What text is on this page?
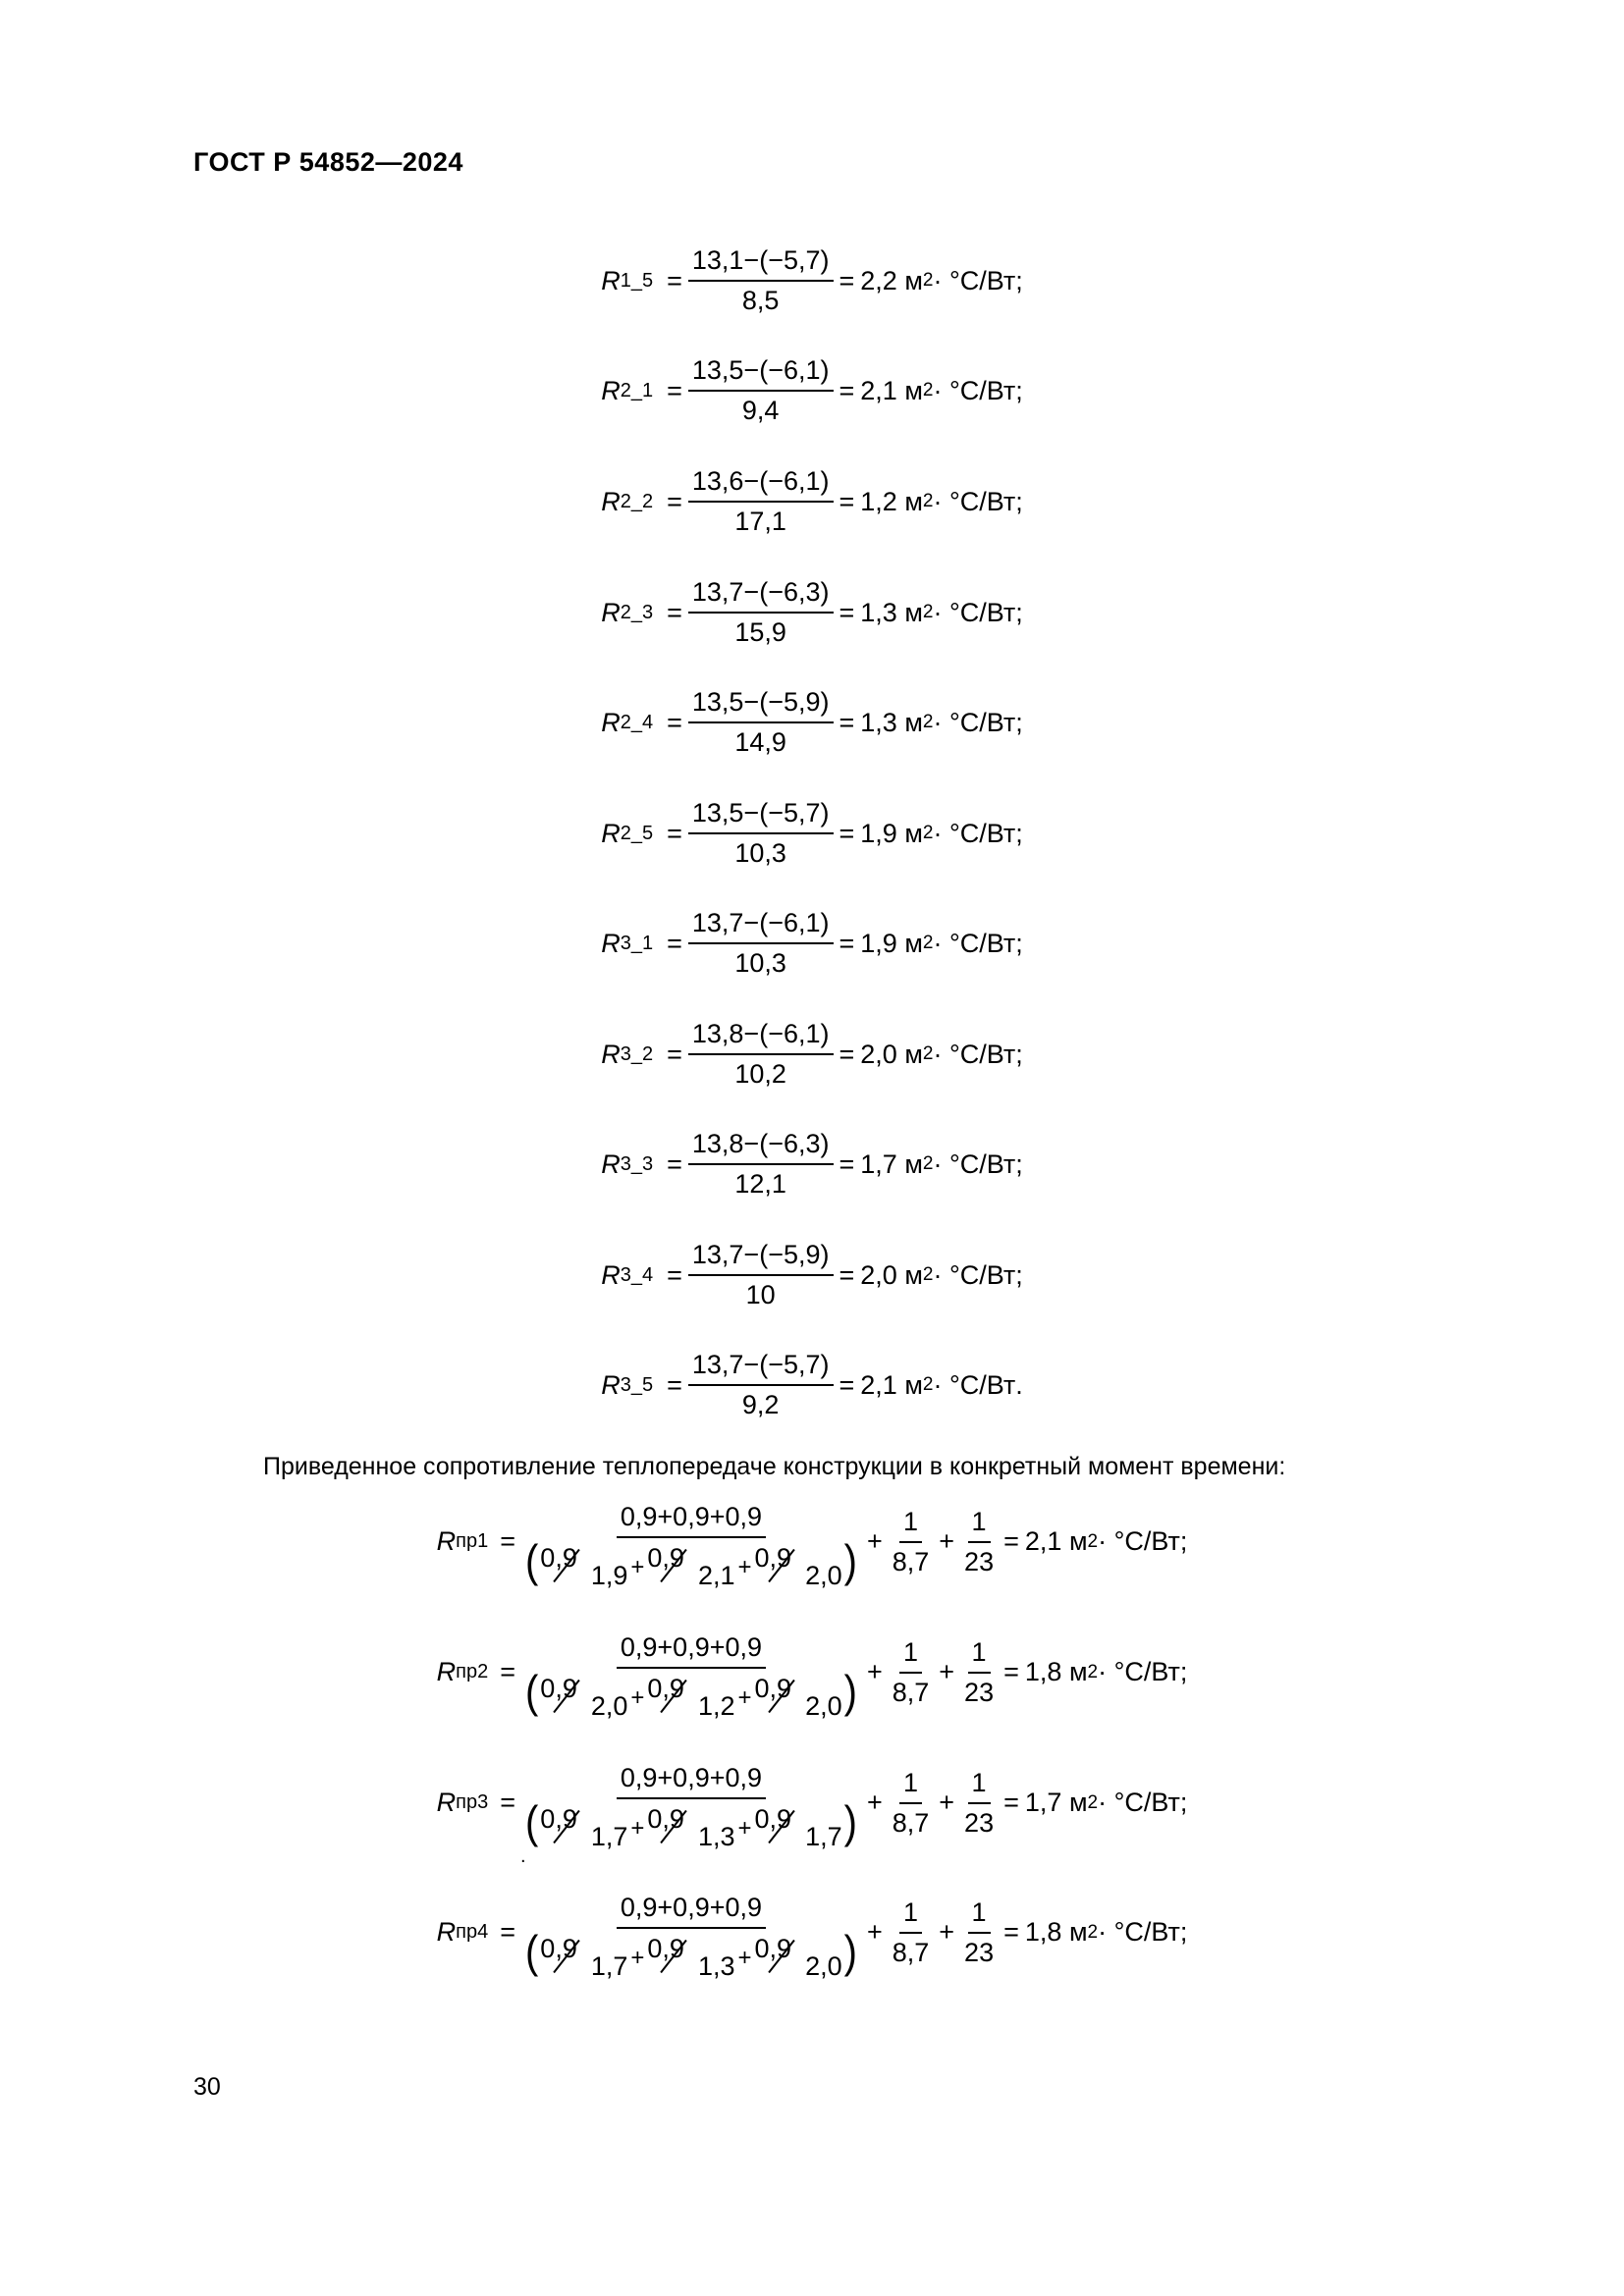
ГОСТ Р 54852—2024
R 1_5 = $\frac{13,1-(-5,7)}{8,5} = 2,2$
м 2 · °С/Вт ;
R 2_1 = $\frac{13,5-(-6,1)}{9,4} = 2,1$
м 2 · °С/Вт ;
R 2_2 = $\frac{13,6-(-6,1)}{17,1} = 1,2$
м 2 · °С/Вт ;
R 2_3 = $\frac{13,7-(-6,3)}{15,9} = 1,3$
м 2 · °С/Вт ;
R 2_4 = $\frac{13,5-(-5,9)}{14,9} = 1,3$
м 2 · °С/Вт ;
R 2_5 = $\frac{13,5-(-5,7)}{10,3} = 1,9$
м 2 · °С/Вт ;
R 3_1 = $\frac{13,7-(-6,1)}{10,3} = 1,9$
м 2 · °С/Вт ;
R 3_2 = $\frac{13,8-(-6,1)}{10,2} = 2,0$
м 2 · °С/Вт ;
R 3_3 = $\frac{13,8-(-6,3)}{12,1} = 1,7$
м 2 · °С/Вт ;
R 3_4 = $\frac{13,7-(-5,9)}{10} = 2,0$
м 2 · °С/Вт ;
R 3_5 = $\frac{13,7-(-5,7)}{9,2} = 2,1$
м 2 · °С/Вт .
Приведенное сопротивление теплопередаче конструкции в конкретный момент времени:
R пр1 = 0,9+0,9+0,9
(0,9
1,9 + 0,9
2,1 + 0,9
$2,0) + \frac{1}{8,7} + \frac{1}{23} = 2,1$
м 2 · °С/Вт ;
R пр2 = 0,9+0,9+0,9
(0,9
2,0 + 0,9
1,2 + 0,9
$2,0) + \frac{1}{8,7} + \frac{1}{23} = 1,8$
м 2 · °С/Вт ;
R пр3 = 0,9+0,9+0,9
(0,9
1,7 + 0,9
1,3 + 0,9
$1,7) + \frac{1}{8,7} + \frac{1}{23} = 1,7$
м 2 · °С/Вт ;
R пр4 = 0,9+0,9+0,9
(0,9
1,7 + 0,9
1,3 + 0,9
$2,0) + \frac{1}{8,7} + \frac{1}{23} = 1,8$
м 2 · °С/Вт ;
.
30
